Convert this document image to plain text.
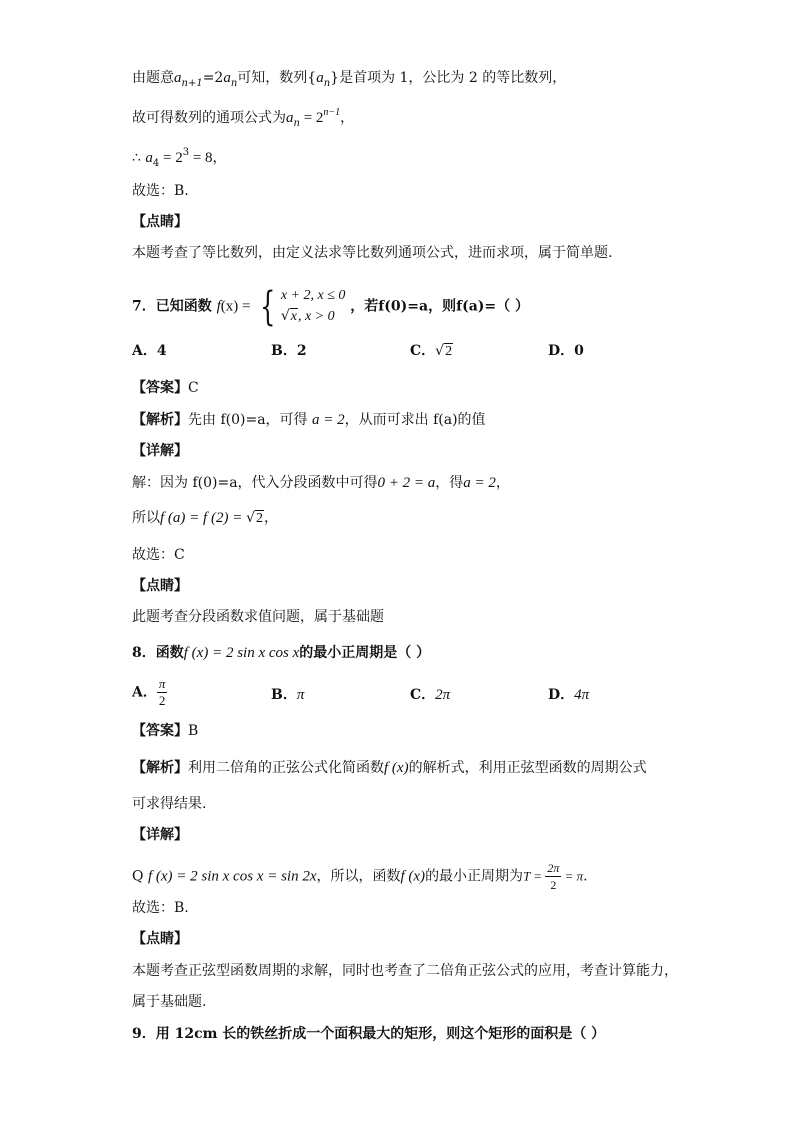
由题意$a_{n+1}=2a_n$可知，数列$\{a_n\}$是首项为 1，公比为 2 的等比数列，
故可得数列的通项公式为$a_n = 2^{n-1}$，
∴ $a_4 = 2^3 = 8$，
故选：B.
【点睛】
本题考查了等比数列，由定义法求等比数列通项公式，进而求项，属于简单题.
7．已知函数 f(x) = { x + 2, x ≤ 0
√x, x > 0
，若f(0)=a，则f(a)=（ ）
A．4	B．2	C．√2	D．0
【答案】C
【解析】先由 f(0)=a，可得 a = 2，从而可求出 f(a)的值
【详解】
解：因为 f(0)=a，代入分段函数中可得0 + 2 = a，得a = 2，
所以f (a) = f (2) = √2，
故选：C
【点睛】
此题考查分段函数求值问题，属于基础题
8．函数f (x) = 2 sin x cos x的最小正周期是（ ）
A． $\frac{\pi}{2}$	B．π	C．2π	D．4π
【答案】B
【解析】利用二倍角的正弦公式化简函数f (x)的解析式，利用正弦型函数的周期公式
可求得结果.
【详解】
Q f (x) = 2 sin x cos x = sin 2x，所以，函数f (x)的最小正周期为$T = \frac{2\pi}{2} = \pi$.
故选：B.
【点睛】
本题考查正弦型函数周期的求解，同时也考查了二倍角正弦公式的应用，考查计算能力，
属于基础题.
9．用 12cm 长的铁丝折成一个面积最大的矩形，则这个矩形的面积是（ ）
